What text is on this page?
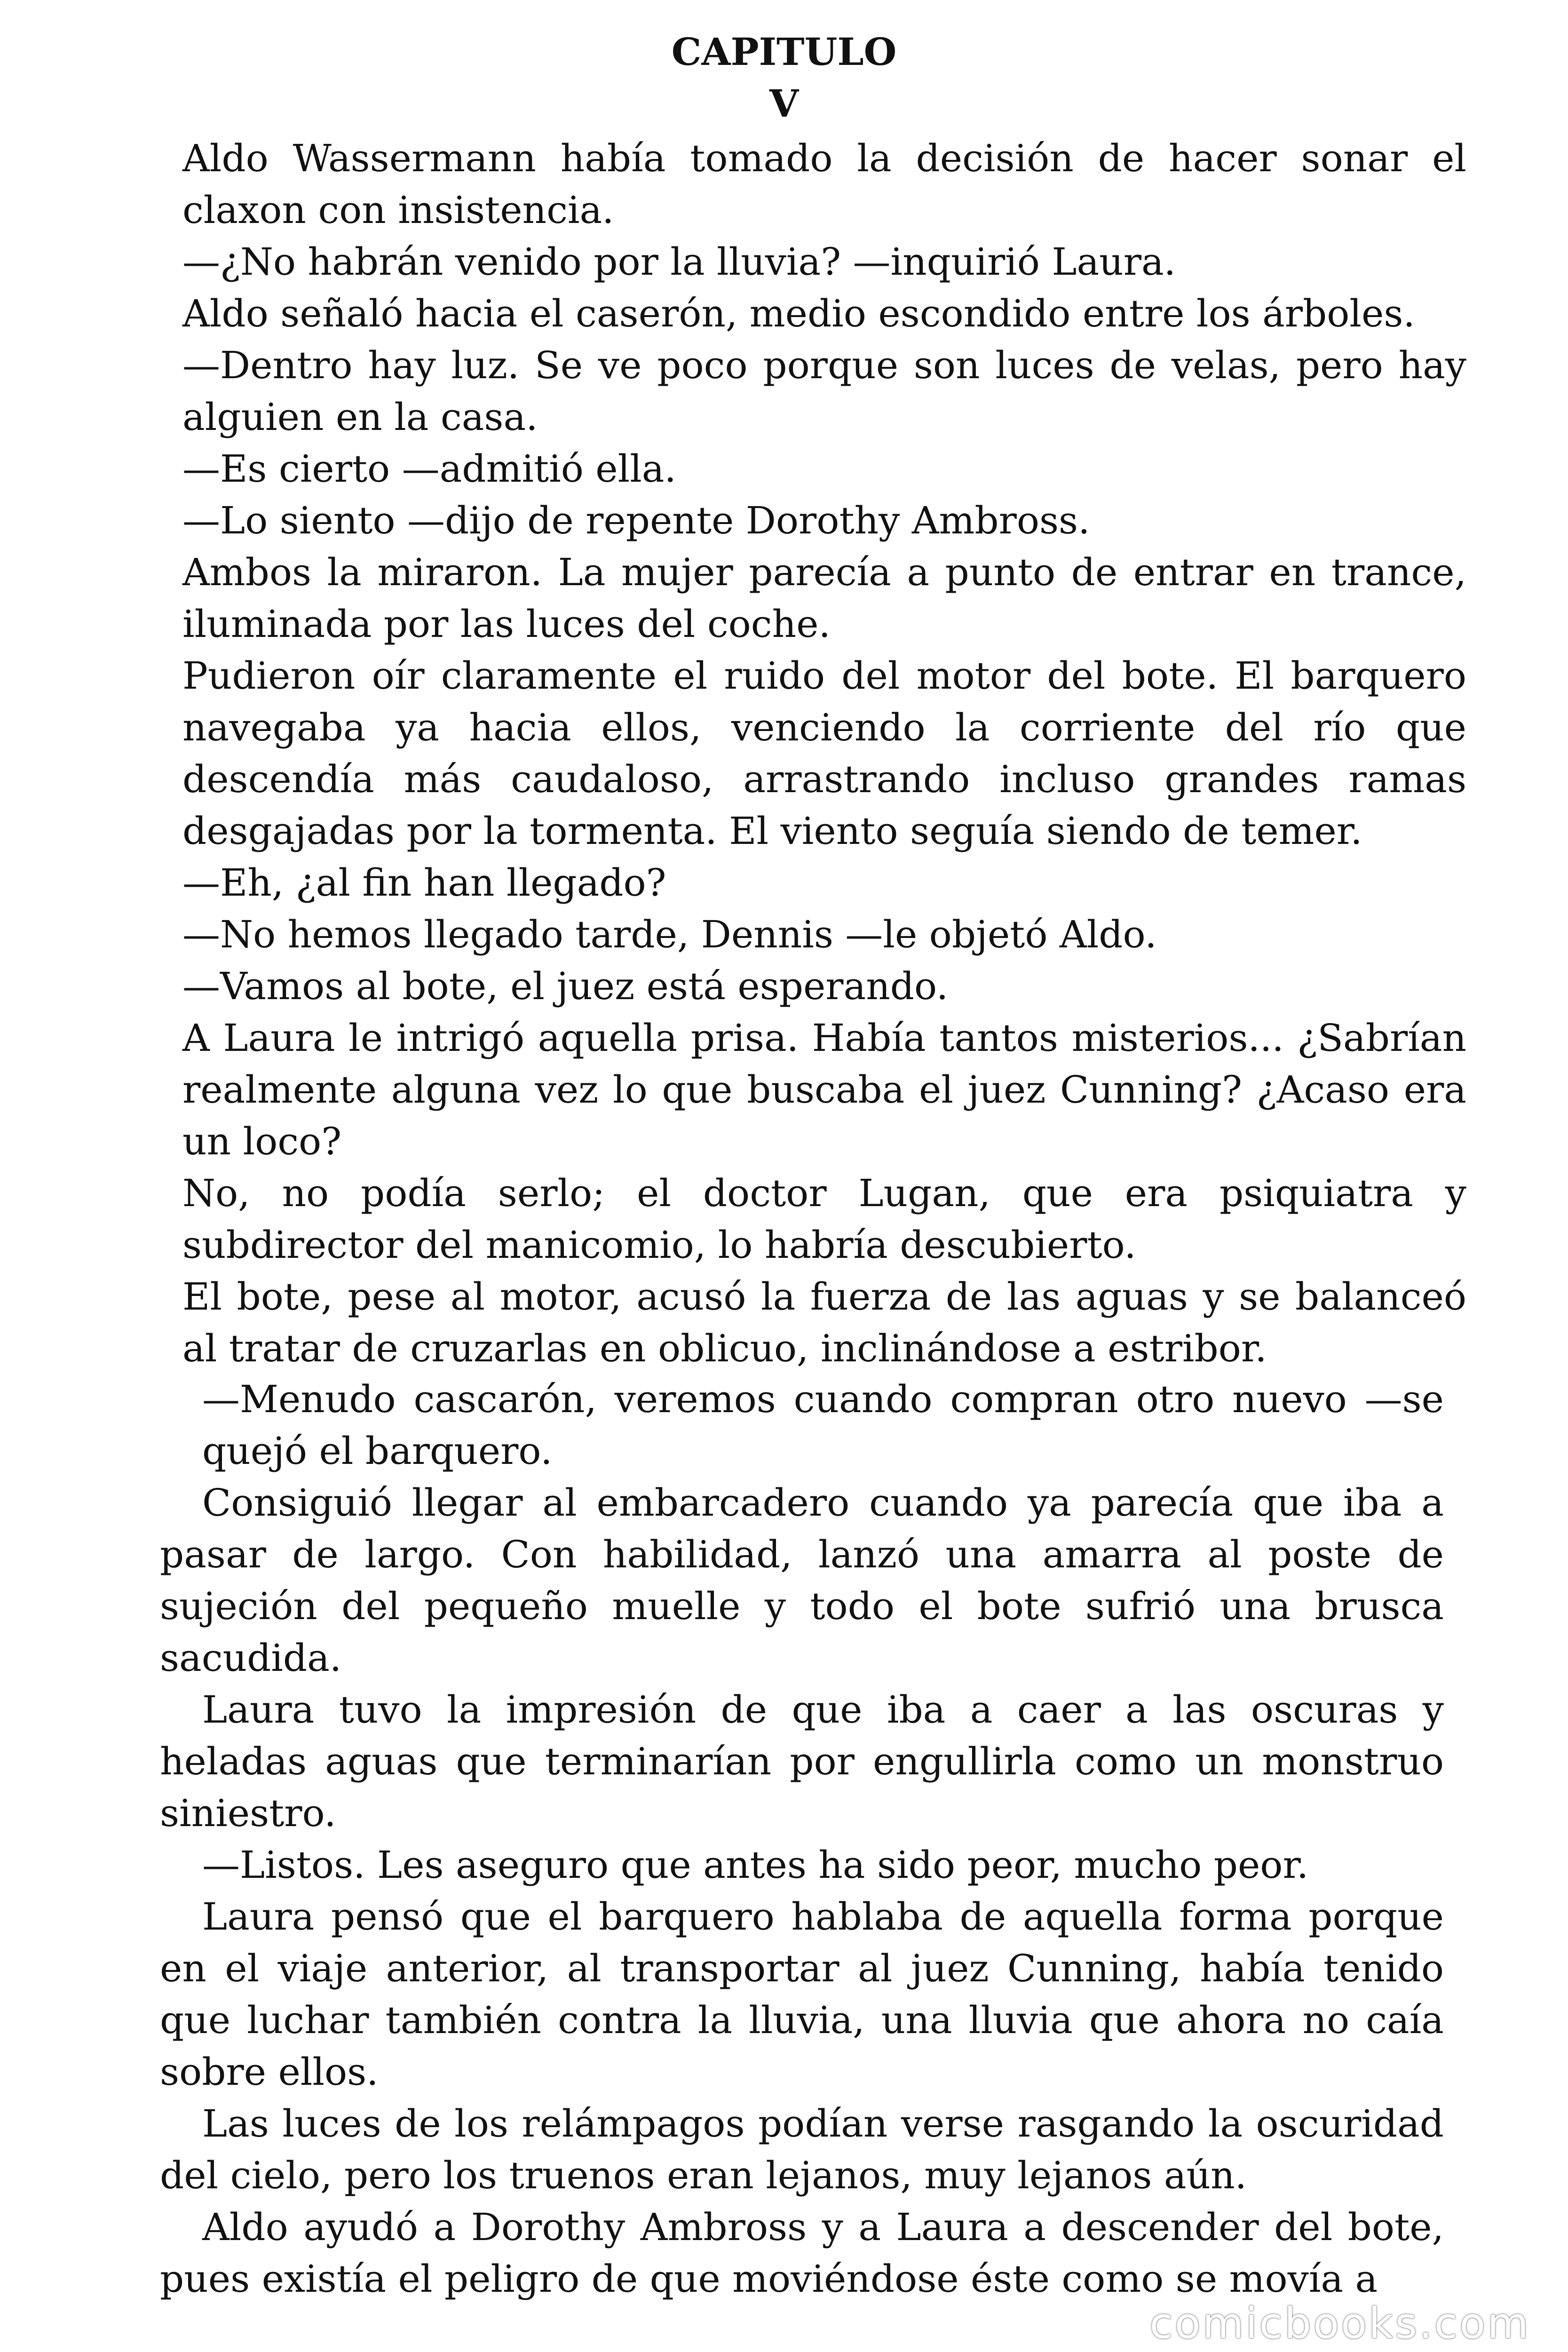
CAPITULO
V

Aldo Wassermann había tomado la decisión de hacer sonar el claxon con insistencia.

—¿No habrán venido por la lluvia? —inquirió Laura.

Aldo señaló hacia el caserón, medio escondido entre los árboles.

—Dentro hay luz. Se ve poco porque son luces de velas, pero hay alguien en la casa.

—Es cierto —admitió ella.

—Lo siento —dijo de repente Dorothy Ambross.

Ambos la miraron. La mujer parecía a punto de entrar en trance, iluminada por las luces del coche.

Pudieron oír claramente el ruido del motor del bote. El barquero navegaba ya hacia ellos, venciendo la corriente del río que descendía más caudaloso, arrastrando incluso grandes ramas desgajadas por la tormenta. El viento seguía siendo de temer.

—Eh, ¿al fin han llegado?

—No hemos llegado tarde, Dennis —le objetó Aldo.

—Vamos al bote, el juez está esperando.

A Laura le intrigó aquella prisa. Había tantos misterios... ¿Sabrían realmente alguna vez lo que buscaba el juez Cunning? ¿Acaso era un loco?

No, no podía serlo; el doctor Lugan, que era psiquiatra y subdirector del manicomio, lo habría descubierto.

El bote, pese al motor, acusó la fuerza de las aguas y se balanceó al tratar de cruzarlas en oblicuo, inclinándose a estribor.

—Menudo cascarón, veremos cuando compran otro nuevo —se quejó el barquero.

Consiguió llegar al embarcadero cuando ya parecía que iba a pasar de largo. Con habilidad, lanzó una amarra al poste de sujeción del pequeño muelle y todo el bote sufrió una brusca sacudida.

Laura tuvo la impresión de que iba a caer a las oscuras y heladas aguas que terminarían por engullirla como un monstruo siniestro.

—Listos. Les aseguro que antes ha sido peor, mucho peor.

Laura pensó que el barquero hablaba de aquella forma porque en el viaje anterior, al transportar al juez Cunning, había tenido que luchar también contra la lluvia, una lluvia que ahora no caía sobre ellos.

Las luces de los relámpagos podían verse rasgando la oscuridad del cielo, pero los truenos eran lejanos, muy lejanos aún.

Aldo ayudó a Dorothy Ambross y a Laura a descender del bote, pues existía el peligro de que moviéndose éste como se movía a

comicbooks.com
